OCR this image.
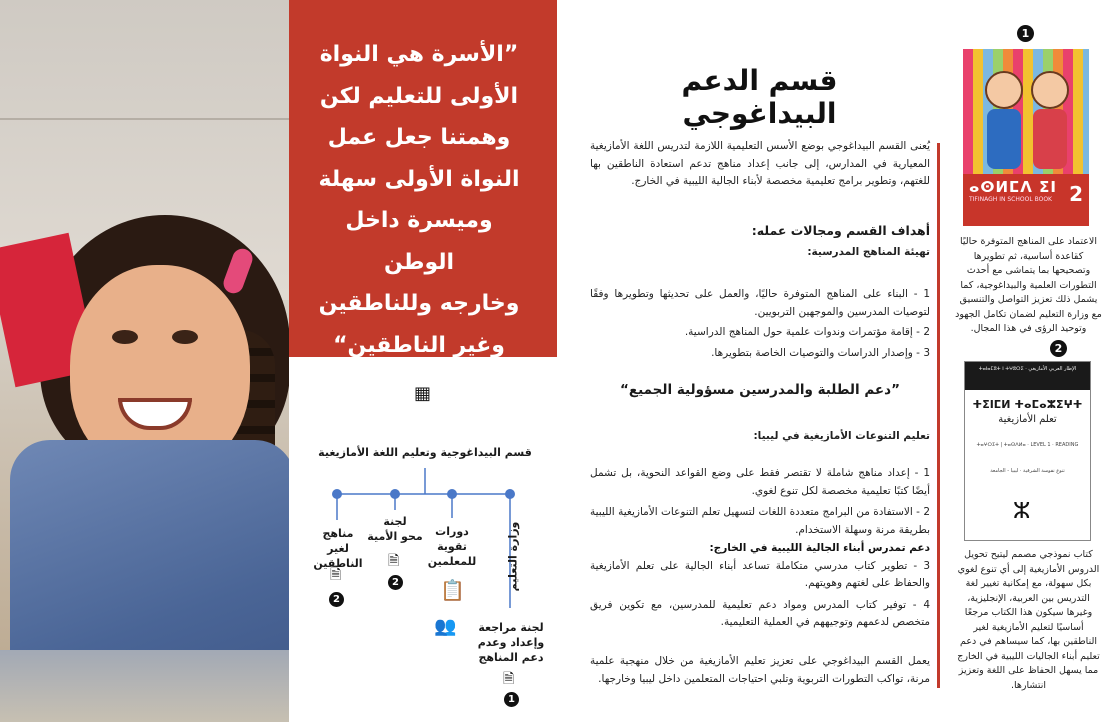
”الأسرة هي النواة

الأولى للتعليم لكن

وهمتنا جعل عمل

النواة الأولى سهلة

وميسرة داخل الوطن

وخارجه وللناطقين

وغير الناطقين“

▦
قسم البيداغوجية وتعليم اللغة الأمازيغية
مناهج
لغير الناطقين
🗎
2
لجنة
محو الأمية
🗎
2
دورات
تقوية
للمعلمين
📋
👥
وزارة التعليم
لجنة مراجعة
وإعداد وعدم
دعم المناهج
🗎
1
قسم الدعم البيداغوجي
يُعنى القسم البيداغوجي بوضع الأسس التعليمية اللازمة لتدريس اللغة الأمازيغية المعيارية في المدارس، إلى جانب إعداد مناهج تدعم استعادة الناطقين بها للغتهم، وتطوير برامج تعليمية مخصصة لأبناء الجالية الليبية في الخارج.
أهداف القسم ومجالات عمله:
تهيئة المناهج المدرسية:
1 - البناء على المناهج المتوفرة حاليًا، والعمل على تحديثها وتطويرها وفقًا لتوصيات المدرسين والموجهين التربويين.
2 - إقامة مؤتمرات وندوات علمية حول المناهج الدراسية.
3 - وإصدار الدراسات والتوصيات الخاصة بتطويرها.
”دعم الطلبة والمدرسين مسؤولية الجميع“
تعليم التنوعات الأمازيغية في ليبيا:
1 - إعداد مناهج شاملة لا تقتصر فقط على وضع القواعد النحوية، بل تشمل أيضًا كتبًا تعليمية مخصصة لكل تنوع لغوي.
2 - الاستفادة من البرامج متعددة اللغات لتسهيل تعلم التنوعات الأمازيغية الليبية بطريقة مرنة وسهلة الاستخدام.
دعم تمدرس أبناء الجالية الليبية في الخارج:
3 - تطوير كتاب مدرسي متكاملة تساعد أبناء الجالية على تعلم الأمازيغية والحفاظ على لغتهم وهويتهم.
4 - توفير كتاب المدرس ومواد دعم تعليمية للمدرسين، مع تكوين فريق متخصص لدعمهم وتوجيههم في العملية التعليمية.
يعمل القسم البيداغوجي على تعزيز تعليم الأمازيغية من خلال منهجية علمية مرنة، تواكب التطورات التربوية وتلبي احتياجات المتعلمين داخل ليبيا وخارجها.
1
ⴰⵙⵍⵎⴷ ⵉⵏ
TIFINAGH IN SCHOOL BOOK 2
الاعتماد على المناهج المتوفرة حاليًا كقاعدة أساسية، ثم تطويرها وتصحيحها بما يتماشى مع أحدث التطورات العلمية والبيداغوجية، كما يشمل ذلك تعزيز التواصل والتنسيق مع وزارة التعليم لضمان تكامل الجهود وتوحيد الرؤى في هذا المجال.
2
ⵜⴰⵏⴰⵎⵓⵜ ⵏ ⵜⵖⵓⵔⵉ · الإطار العربي الأمازيغي
ⵜⵉⵏⵎⵍ ⵜⴰⵎⴰⵣⵉⵖⵜ
تعلم الأمازيغية
ⵜⴰⵖⵔⵉⵜ | ⵜⴰⵙⴷⵍⴰ · LEVEL 1 · READING
تنوع نفوسة الشرقية · ليبيا - الجامعة
ⵣ
كتاب نموذجي مصمم ليتيح تحويل الدروس الأمازيغية إلى أي تنوع لغوي بكل سهولة، مع إمكانية تغيير لغة التدريس بين العربية، الإنجليزية، وغيرها سيكون هذا الكتاب مرجعًا أساسيًا لتعليم الأمازيغية لغير الناطقين بها، كما سيساهم في دعم تعليم أبناء الجاليات الليبية في الخارج مما يسهل الحفاظ على اللغة وتعزيز انتشارها.
